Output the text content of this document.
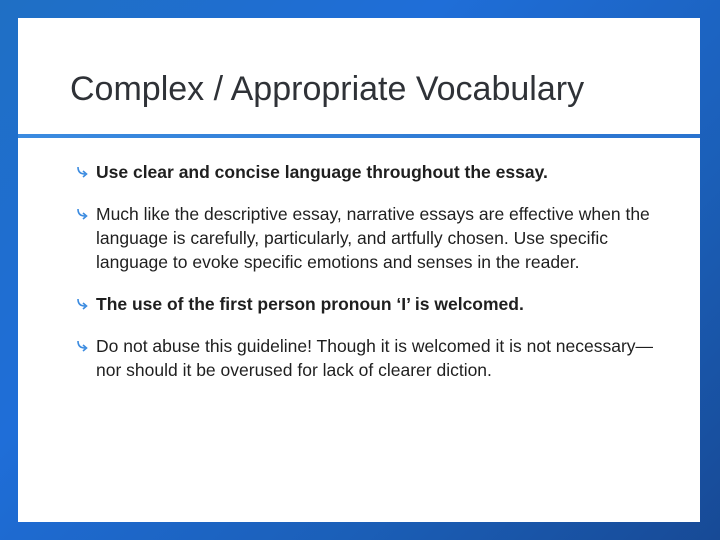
Complex / Appropriate Vocabulary
Use clear and concise language throughout the essay.
Much like the descriptive essay, narrative essays are effective when the language is carefully, particularly, and artfully chosen. Use specific language to evoke specific emotions and senses in the reader.
The use of the first person pronoun ‘I’ is welcomed.
Do not abuse this guideline! Though it is welcomed it is not necessary—nor should it be overused for lack of clearer diction.
